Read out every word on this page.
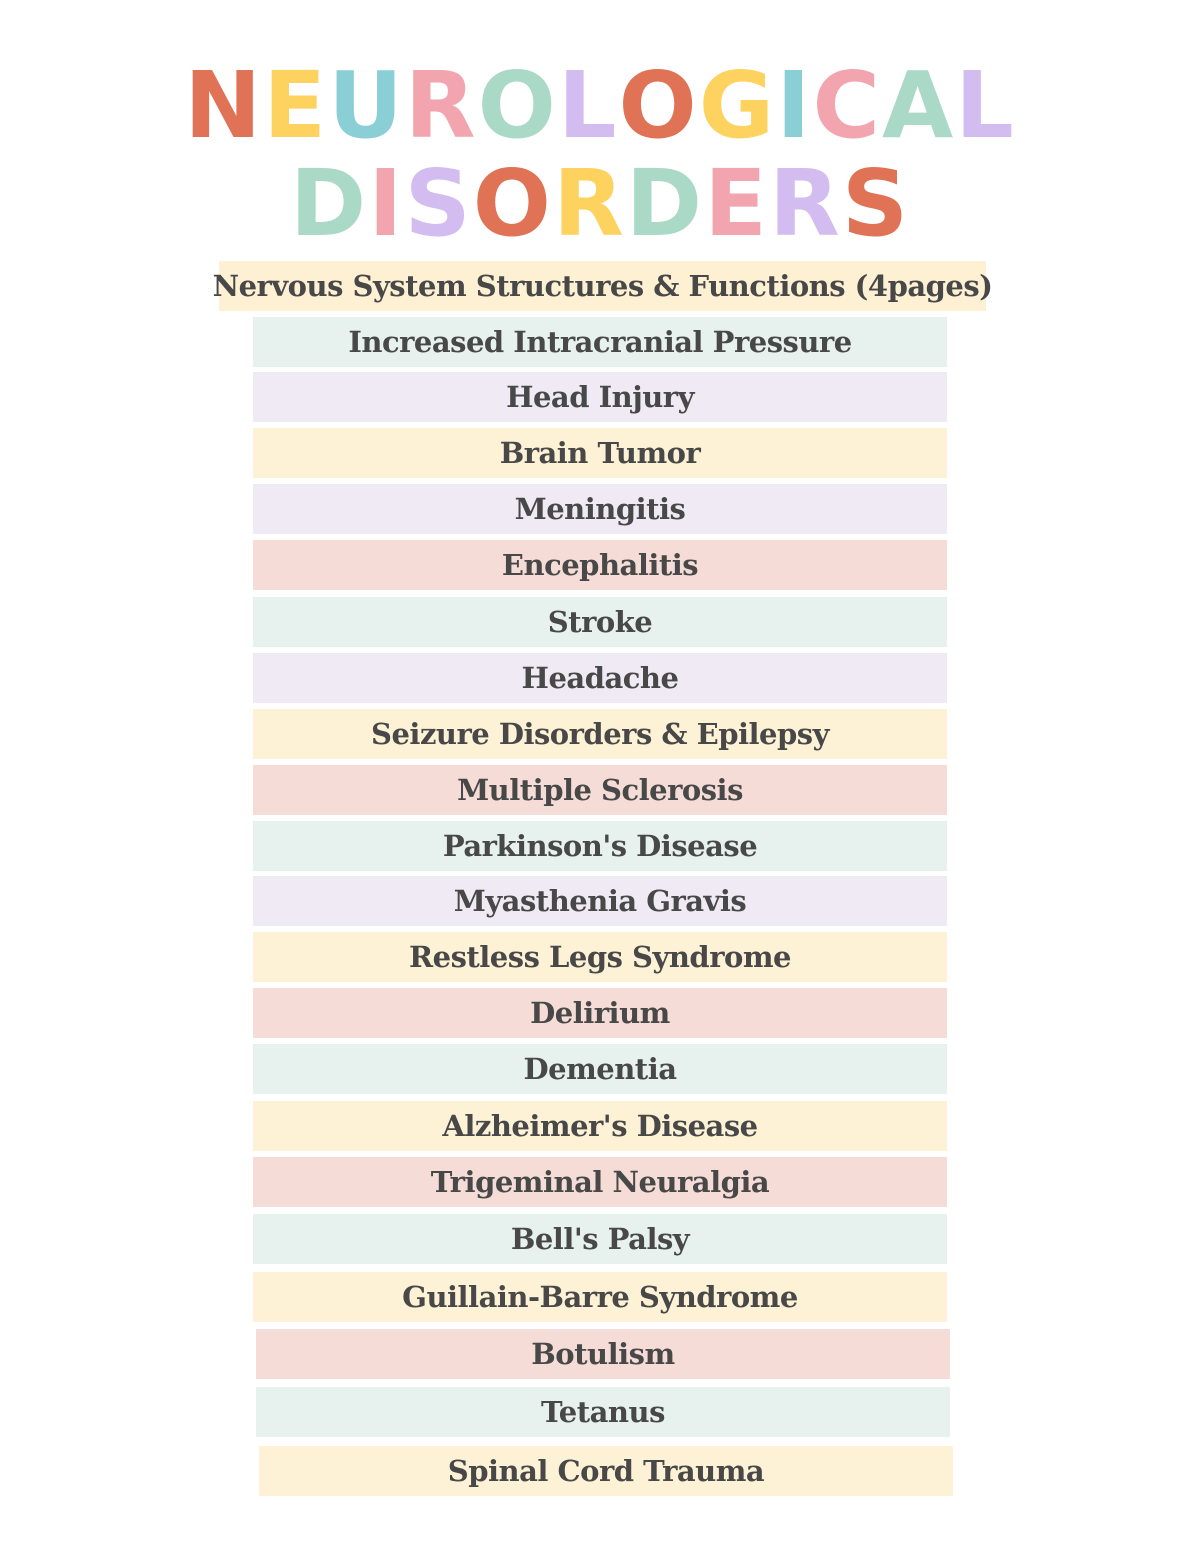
NEUROLOGICAL
DISORDERS
Nervous System Structures & Functions (4pages)
Increased Intracranial Pressure
Head Injury
Brain Tumor
Meningitis
Encephalitis
Stroke
Headache
Seizure Disorders & Epilepsy
Multiple Sclerosis
Parkinson's Disease
Myasthenia Gravis
Restless Legs Syndrome
Delirium
Dementia
Alzheimer's Disease
Trigeminal Neuralgia
Bell's Palsy
Guillain-Barre Syndrome
Botulism
Tetanus
Spinal Cord Trauma
